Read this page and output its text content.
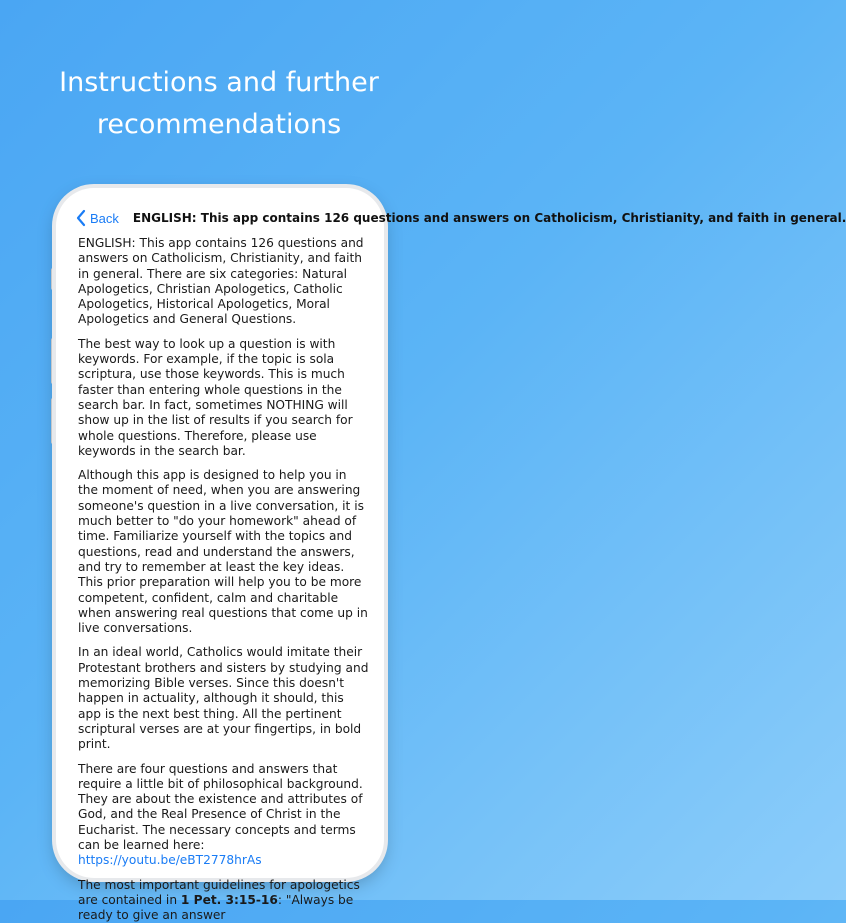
Instructions and further
recommendations
Back ENGLISH: This app contains 126 questions and answers on Catholicism, Christianity, and faith in general.

ENGLISH: This app contains 126 questions and answers on Catholicism, Christianity, and faith in general. There are six categories: Natural Apologetics, Christian Apologetics, Catholic Apologetics, Historical Apologetics, Moral Apologetics and General Questions.

The best way to look up a question is with keywords. For example, if the topic is sola scriptura, use those keywords. This is much faster than entering whole questions in the search bar. In fact, sometimes NOTHING will show up in the list of results if you search for whole questions. Therefore, please use keywords in the search bar.

Although this app is designed to help you in the moment of need, when you are answering someone's question in a live conversation, it is much better to "do your homework" ahead of time. Familiarize yourself with the topics and questions, read and understand the answers, and try to remember at least the key ideas. This prior preparation will help you to be more competent, confident, calm and charitable when answering real questions that come up in live conversations.

In an ideal world, Catholics would imitate their Protestant brothers and sisters by studying and memorizing Bible verses. Since this doesn't happen in actuality, although it should, this app is the next best thing. All the pertinent scriptural verses are at your fingertips, in bold print.

There are four questions and answers that require a little bit of philosophical background. They are about the existence and attributes of God, and the Real Presence of Christ in the Eucharist. The necessary concepts and terms can be learned here:
https://youtu.be/eBT2778hrAs

The most important guidelines for apologetics are contained in 1 Pet. 3:15-16: "Always be ready to give an answer
